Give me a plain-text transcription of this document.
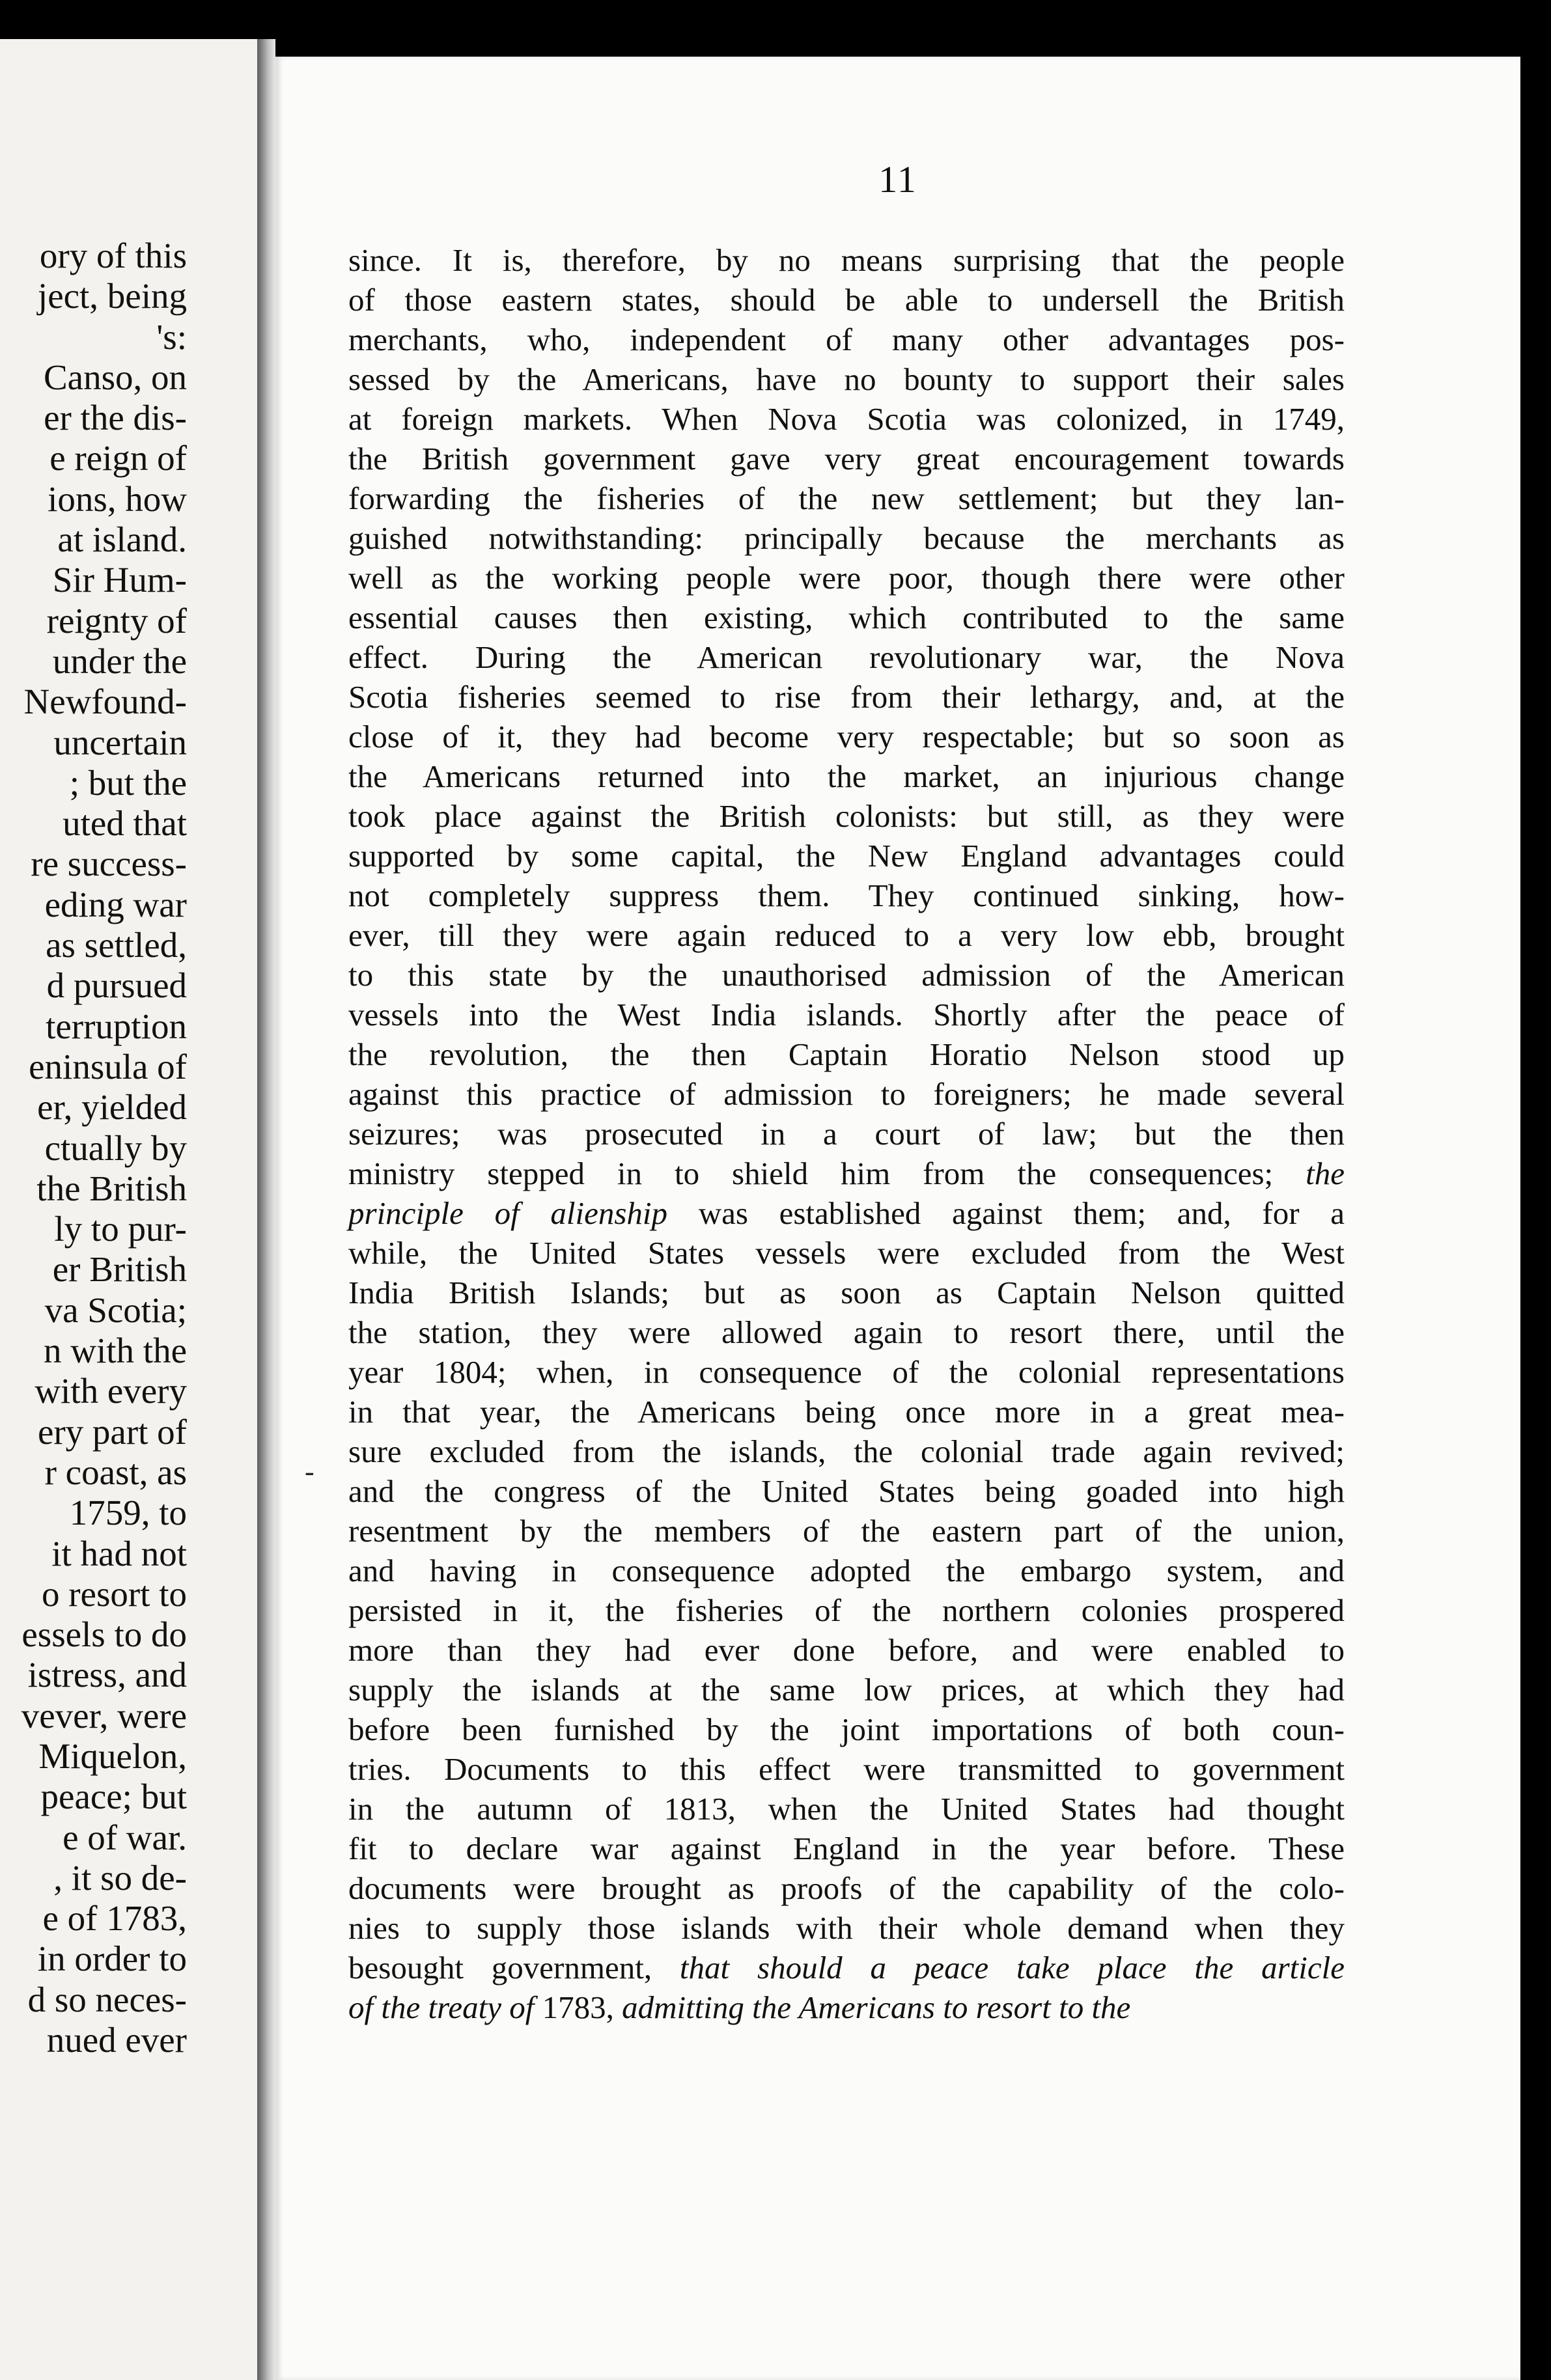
ory of this
ject, being
's:
Canso, on
er the dis-
e reign of
ions, how
at island.
Sir Hum-
reignty of
under the
Newfound-
uncertain
; but the
uted that
re success-
eding war
as settled,
d pursued
terruption
eninsula of
er, yielded
ctually by
the British
ly to pur-
er British
va Scotia;
n with the
with every
ery part of
r coast, as
1759, to
it had not
o resort to
essels to do
istress, and
vever, were
Miquelon,
peace; but
e of war.
, it so de-
e of 1783,
in order to
d so neces-
nued ever
11
-
since. It is, therefore, by no means surprising that the people
of those eastern states, should be able to undersell the British
merchants, who, independent of many other advantages pos-
sessed by the Americans, have no bounty to support their sales
at foreign markets. When Nova Scotia was colonized, in 1749,
the British government gave very great encouragement towards
forwarding the fisheries of the new settlement; but they lan-
guished notwithstanding: principally because the merchants as
well as the working people were poor, though there were other
essential causes then existing, which contributed to the same
effect. During the American revolutionary war, the Nova
Scotia fisheries seemed to rise from their lethargy, and, at the
close of it, they had become very respectable; but so soon as
the Americans returned into the market, an injurious change
took place against the British colonists: but still, as they were
supported by some capital, the New England advantages could
not completely suppress them. They continued sinking, how-
ever, till they were again reduced to a very low ebb, brought
to this state by the unauthorised admission of the American
vessels into the West India islands. Shortly after the peace of
the revolution, the then Captain Horatio Nelson stood up
against this practice of admission to foreigners; he made several
seizures; was prosecuted in a court of law; but the then
ministry stepped in to shield him from the consequences; the
principle of alienship was established against them; and, for a
while, the United States vessels were excluded from the West
India British Islands; but as soon as Captain Nelson quitted
the station, they were allowed again to resort there, until the
year 1804; when, in consequence of the colonial representations
in that year, the Americans being once more in a great mea-
sure excluded from the islands, the colonial trade again revived;
and the congress of the United States being goaded into high
resentment by the members of the eastern part of the union,
and having in consequence adopted the embargo system, and
persisted in it, the fisheries of the northern colonies prospered
more than they had ever done before, and were enabled to
supply the islands at the same low prices, at which they had
before been furnished by the joint importations of both coun-
tries. Documents to this effect were transmitted to government
in the autumn of 1813, when the United States had thought
fit to declare war against England in the year before. These
documents were brought as proofs of the capability of the colo-
nies to supply those islands with their whole demand when they
besought government, that should a peace take place the article
of the treaty of 1783, admitting the Americans to resort to the
